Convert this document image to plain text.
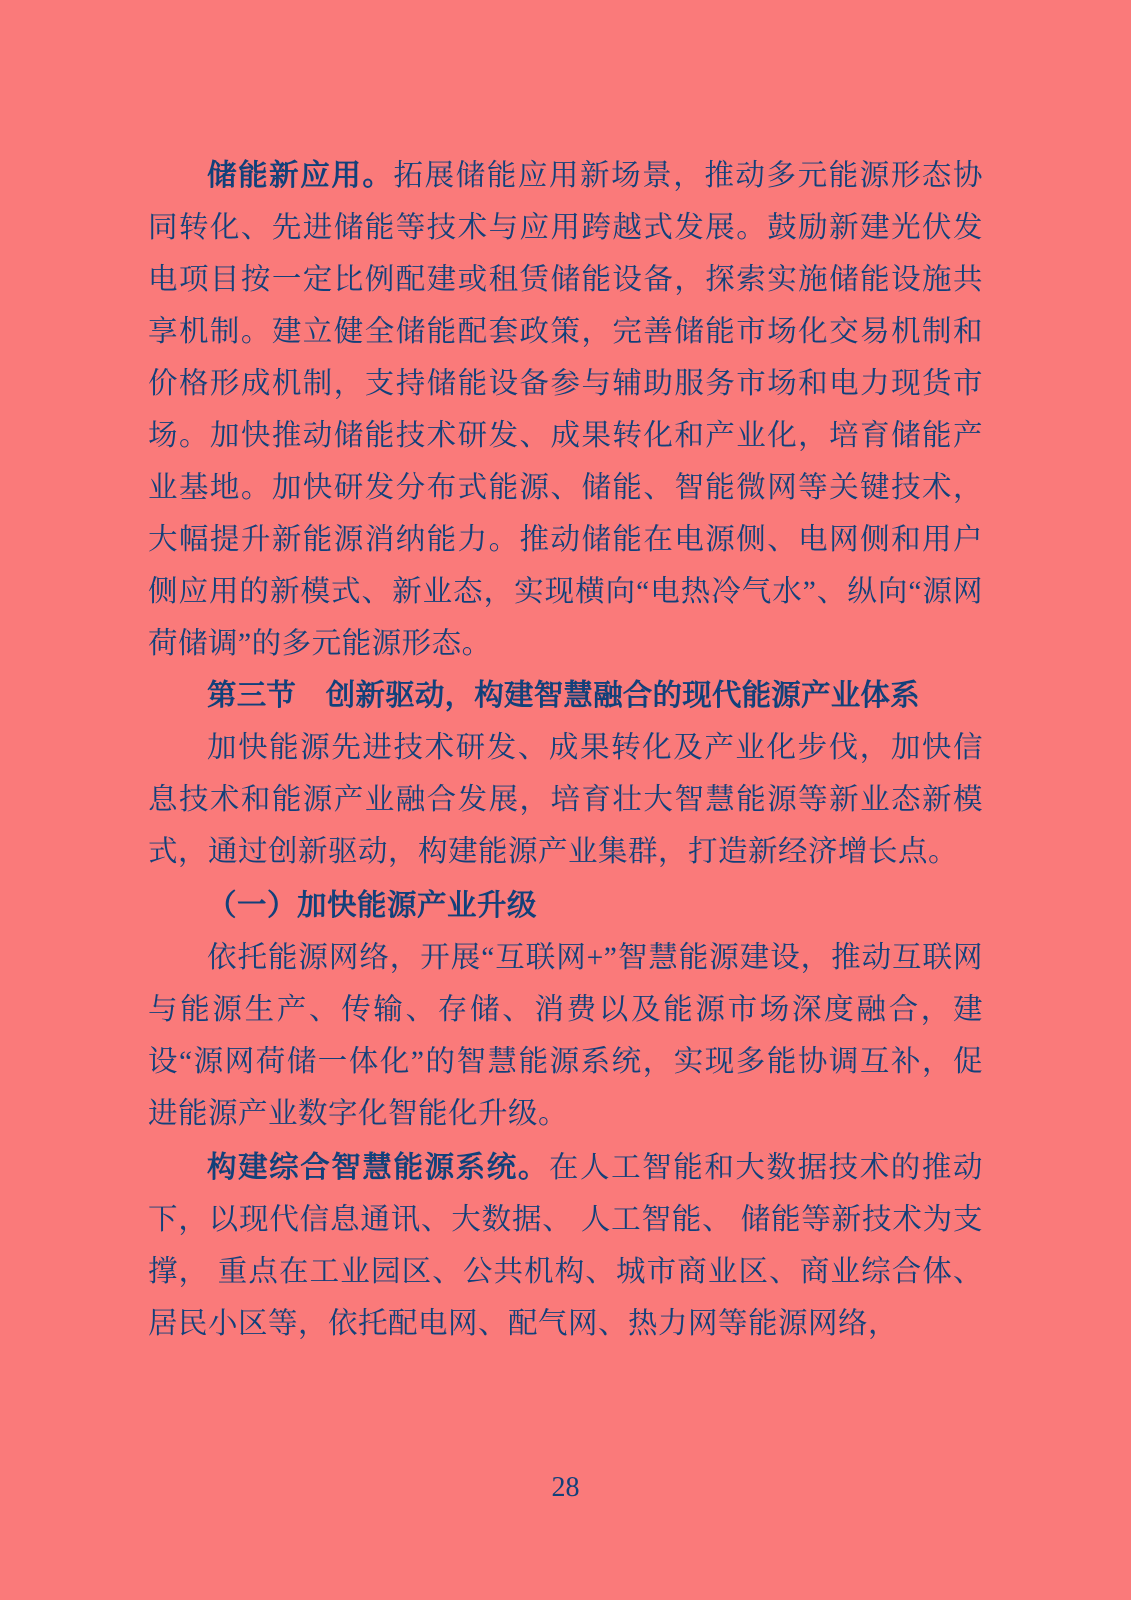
储能新应用。拓展储能应用新场景，推动多元能源形态协同转化、先进储能等技术与应用跨越式发展。鼓励新建光伏发电项目按一定比例配建或租赁储能设备，探索实施储能设施共享机制。建立健全储能配套政策，完善储能市场化交易机制和价格形成机制，支持储能设备参与辅助服务市场和电力现货市场。加快推动储能技术研发、成果转化和产业化，培育储能产业基地。加快研发分布式能源、储能、智能微网等关键技术，大幅提升新能源消纳能力。推动储能在电源侧、电网侧和用户侧应用的新模式、新业态，实现横向“电热冷气水”、纵向“源网荷储调”的多元能源形态。

第三节　创新驱动，构建智慧融合的现代能源产业体系

加快能源先进技术研发、成果转化及产业化步伐，加快信息技术和能源产业融合发展，培育壮大智慧能源等新业态新模式，通过创新驱动，构建能源产业集群，打造新经济增长点。

（一）加快能源产业升级

依托能源网络，开展“互联网+”智慧能源建设，推动互联网与能源生产、传输、存储、消费以及能源市场深度融合，建设“源网荷储一体化”的智慧能源系统，实现多能协调互补，促进能源产业数字化智能化升级。

构建综合智慧能源系统。在人工智能和大数据技术的推动下，以现代信息通讯、大数据、 人工智能、 储能等新技术为支撑， 重点在工业园区、公共机构、城市商业区、商业综合体、居民小区等，依托配电网、配气网、热力网等能源网络，

28
